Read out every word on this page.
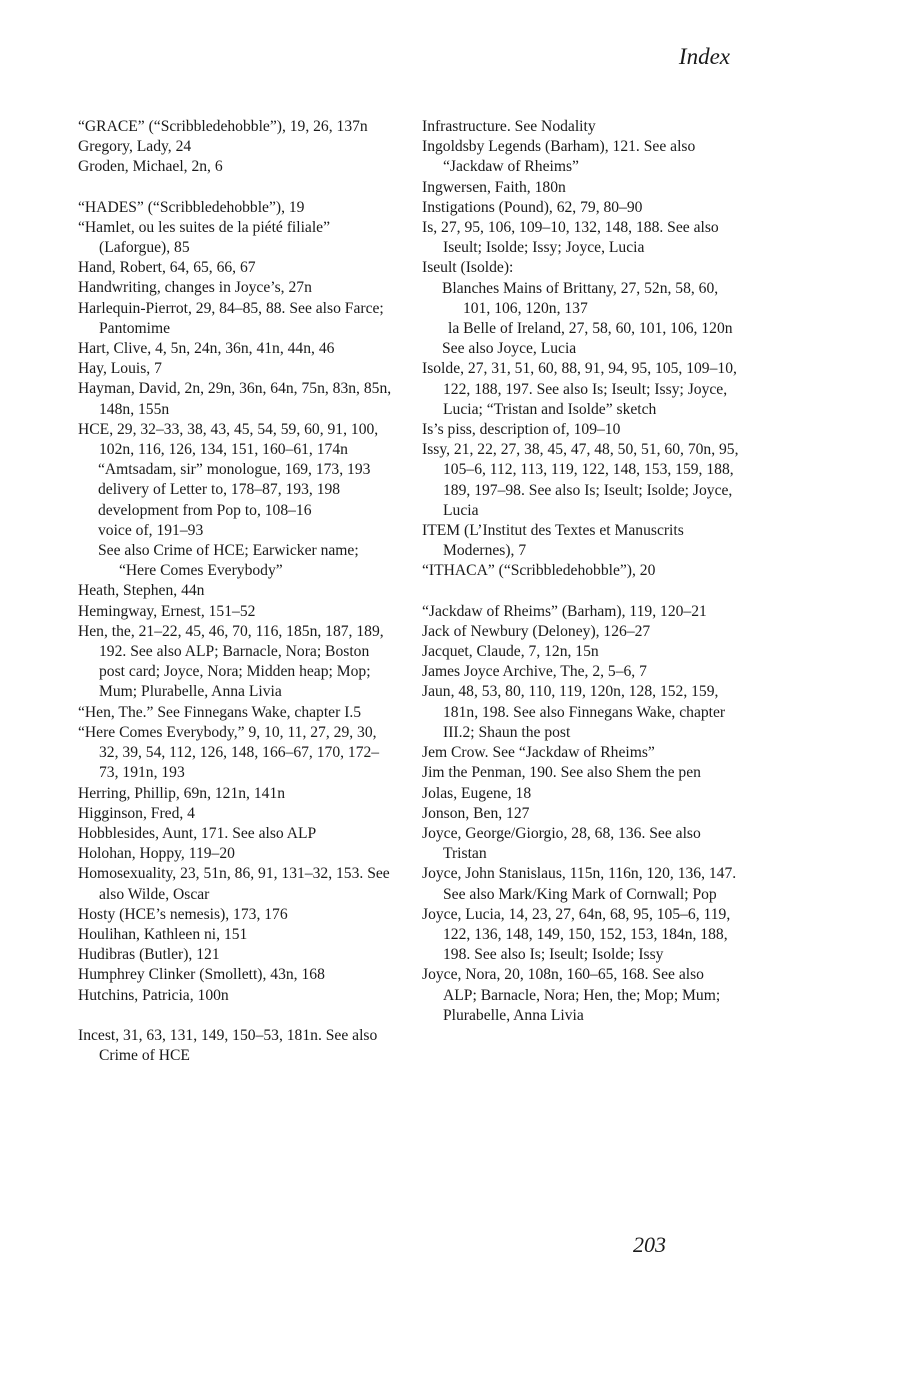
Index
“GRACE” (“Scribbledehobble”), 19, 26, 137n
Gregory, Lady, 24
Groden, Michael, 2n, 6
“HADES” (“Scribbledehobble”), 19
“Hamlet, ou les suites de la piété filiale” (Laforgue), 85
Hand, Robert, 64, 65, 66, 67
Handwriting, changes in Joyce’s, 27n
Harlequin-Pierrot, 29, 84–85, 88. See also Farce; Pantomime
Hart, Clive, 4, 5n, 24n, 36n, 41n, 44n, 46
Hay, Louis, 7
Hayman, David, 2n, 29n, 36n, 64n, 75n, 83n, 85n, 148n, 155n
HCE, 29, 32–33, 38, 43, 45, 54, 59, 60, 91, 100, 102n, 116, 126, 134, 151, 160–61, 174n
“Amtsadam, sir” monologue, 169, 173, 193
delivery of Letter to, 178–87, 193, 198
development from Pop to, 108–16
voice of, 191–93
See also Crime of HCE; Earwicker name; “Here Comes Everybody”
Heath, Stephen, 44n
Hemingway, Ernest, 151–52
Hen, the, 21–22, 45, 46, 70, 116, 185n, 187, 189, 192. See also ALP; Barnacle, Nora; Boston post card; Joyce, Nora; Midden heap; Mop; Mum; Plurabelle, Anna Livia
“Hen, The.” See Finnegans Wake, chapter I.5
“Here Comes Everybody,” 9, 10, 11, 27, 29, 30, 32, 39, 54, 112, 126, 148, 166–67, 170, 172–73, 191n, 193
Herring, Phillip, 69n, 121n, 141n
Higginson, Fred, 4
Hobblesides, Aunt, 171. See also ALP
Holohan, Hoppy, 119–20
Homosexuality, 23, 51n, 86, 91, 131–32, 153. See also Wilde, Oscar
Hosty (HCE’s nemesis), 173, 176
Houlihan, Kathleen ni, 151
Hudibras (Butler), 121
Humphrey Clinker (Smollett), 43n, 168
Hutchins, Patricia, 100n
Incest, 31, 63, 131, 149, 150–53, 181n. See also Crime of HCE
Infrastructure. See Nodality
Ingoldsby Legends (Barham), 121. See also “Jackdaw of Rheims”
Ingwersen, Faith, 180n
Instigations (Pound), 62, 79, 80–90
Is, 27, 95, 106, 109–10, 132, 148, 188. See also Iseult; Isolde; Issy; Joyce, Lucia
Iseult (Isolde):
Blanches Mains of Brittany, 27, 52n, 58, 60, 101, 106, 120n, 137
la Belle of Ireland, 27, 58, 60, 101, 106, 120n
See also Joyce, Lucia
Isolde, 27, 31, 51, 60, 88, 91, 94, 95, 105, 109–10, 122, 188, 197. See also Is; Iseult; Issy; Joyce, Lucia; “Tristan and Isolde” sketch
Is’s piss, description of, 109–10
Issy, 21, 22, 27, 38, 45, 47, 48, 50, 51, 60, 70n, 95, 105–6, 112, 113, 119, 122, 148, 153, 159, 188, 189, 197–98. See also Is; Iseult; Isolde; Joyce, Lucia
ITEM (L’Institut des Textes et Manuscrits Modernes), 7
“ITHACA” (“Scribbledehobble”), 20
“Jackdaw of Rheims” (Barham), 119, 120–21
Jack of Newbury (Deloney), 126–27
Jacquet, Claude, 7, 12n, 15n
James Joyce Archive, The, 2, 5–6, 7
Jaun, 48, 53, 80, 110, 119, 120n, 128, 152, 159, 181n, 198. See also Finnegans Wake, chapter III.2; Shaun the post
Jem Crow. See “Jackdaw of Rheims”
Jim the Penman, 190. See also Shem the pen
Jolas, Eugene, 18
Jonson, Ben, 127
Joyce, George/Giorgio, 28, 68, 136. See also Tristan
Joyce, John Stanislaus, 115n, 116n, 120, 136, 147. See also Mark/King Mark of Cornwall; Pop
Joyce, Lucia, 14, 23, 27, 64n, 68, 95, 105–6, 119, 122, 136, 148, 149, 150, 152, 153, 184n, 188, 198. See also Is; Iseult; Isolde; Issy
Joyce, Nora, 20, 108n, 160–65, 168. See also ALP; Barnacle, Nora; Hen, the; Mop; Mum; Plurabelle, Anna Livia
203
